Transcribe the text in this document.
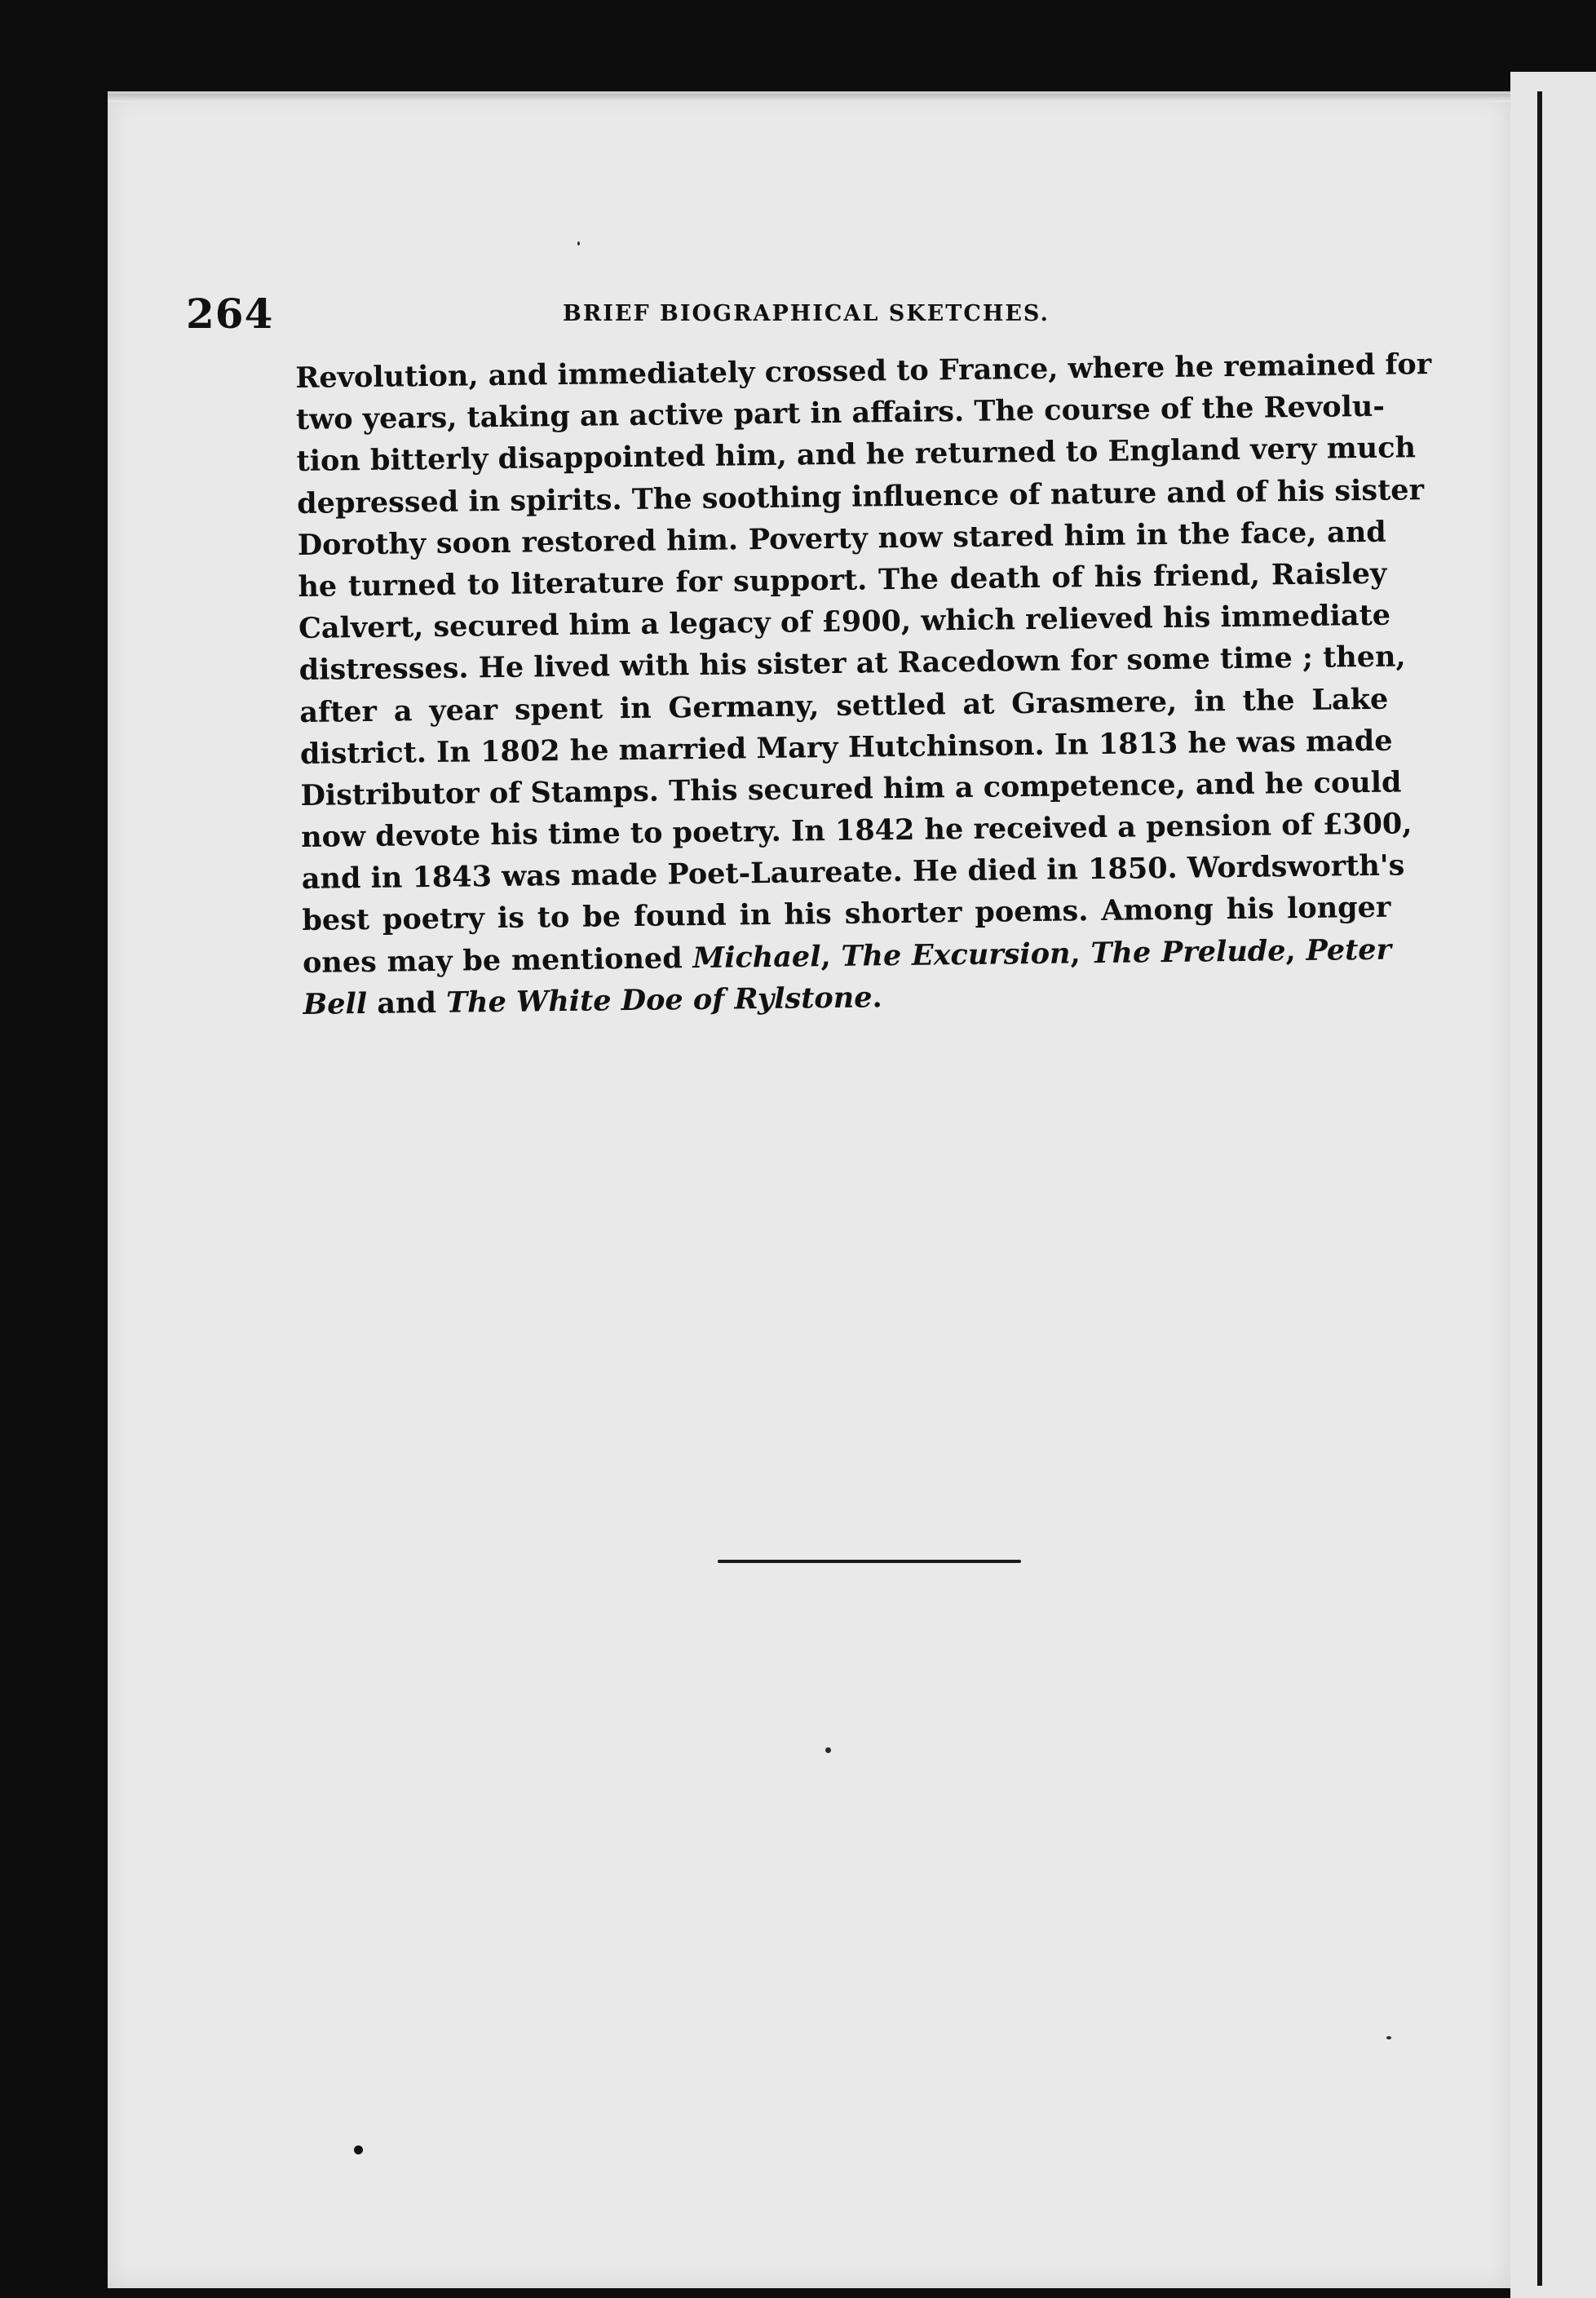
264	BRIEF BIOGRAPHICAL SKETCHES.
Revolution, and immediately crossed to France, where he remained for
two years, taking an active part in affairs. The course of the Revolu-
tion bitterly disappointed him, and he returned to England very much
depressed in spirits. The soothing influence of nature and of his sister
Dorothy soon restored him. Poverty now stared him in the face, and
he turned to literature for support. The death of his friend, Raisley
Calvert, secured him a legacy of £900, which relieved his immediate
distresses. He lived with his sister at Racedown for some time ; then,
after a year spent in Germany, settled at Grasmere, in the Lake
district. In 1802 he married Mary Hutchinson. In 1813 he was made
Distributor of Stamps. This secured him a competence, and he could
now devote his time to poetry. In 1842 he received a pension of £300,
and in 1843 was made Poet-Laureate. He died in 1850. Wordsworth's
best poetry is to be found in his shorter poems. Among his longer
ones may be mentioned Michael, The Excursion, The Prelude, Peter
Bell and The White Doe of Rylstone.
